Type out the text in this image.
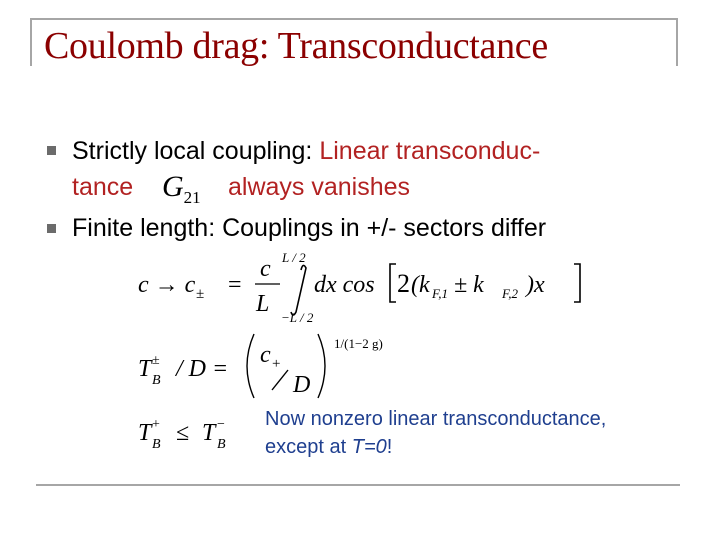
Coulomb drag: Transconductance
Strictly local coupling: Linear transconduc-
tance $G_{21}$ always vanishes
Finite length: Couplings in +/- sectors differ
c → c ± =
c
L
L / 2
−L / 2
dx cos 2 (k F,1 ± k F,2 )x
T ±
B / D =
c +
D
1/(1−2 g)
T +
B ≤ T −
B
Now nonzero linear transconductance,
except at T=0!
